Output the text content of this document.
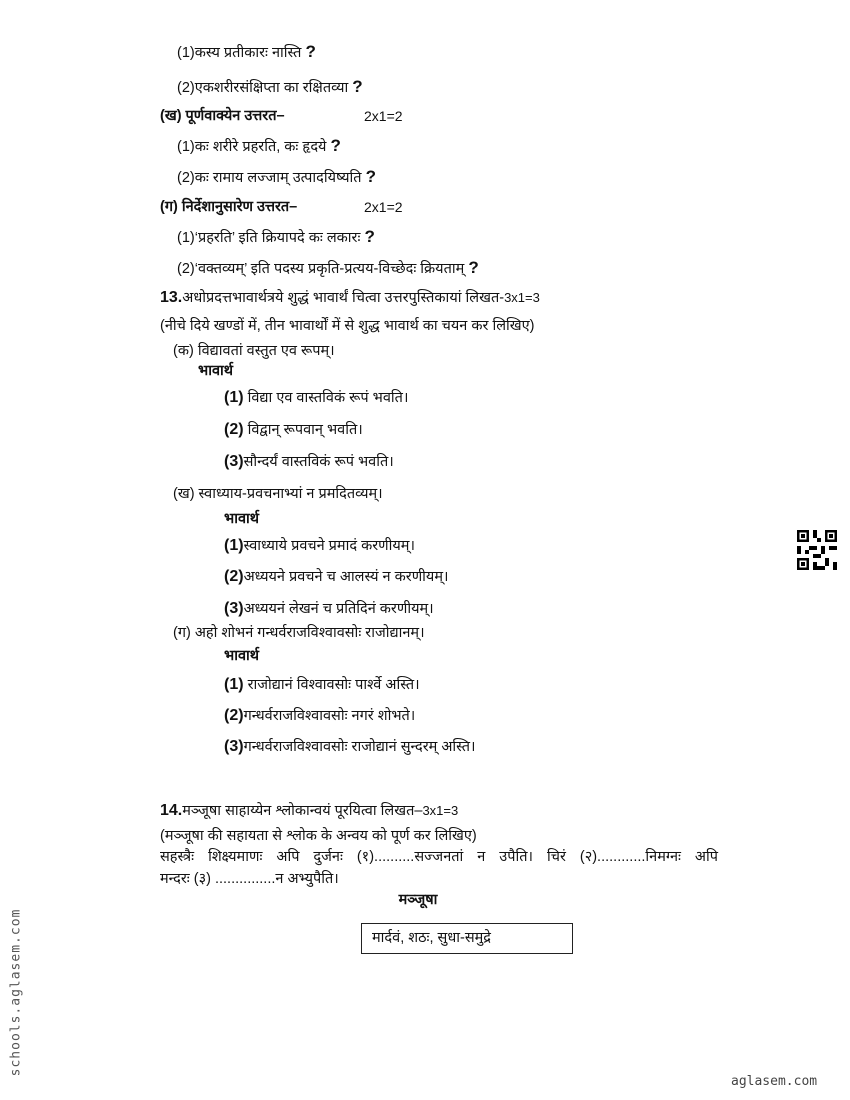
(1)कस्य प्रतीकारः नास्ति ?
(2)एकशरीरसंक्षिप्ता का रक्षितव्या ?
(ख) पूर्णवाक्येन उत्तरत–	2x1=2
(1)कः शरीरे प्रहरति, कः हृदये ?
(2)कः रामाय लज्जाम् उत्पादयिष्यति ?
(ग) निर्देशानुसारेण उत्तरत–	2x1=2
(1)‘प्रहरति’ इति क्रियापदे कः लकारः ?
(2)‘वक्तव्यम्’ इति पदस्य प्रकृति-प्रत्यय-विच्छेदः क्रियताम् ?
13.अधोप्रदत्तभावार्थत्रये शुद्धं भावार्थं चित्वा उत्तरपुस्तिकायां लिखत-3x1=3
(नीचे दिये खण्डों में, तीन भावार्थों में से शुद्ध भावार्थ का चयन कर लिखिए)
(क) विद्यावतां वस्तुत एव रूपम्।
भावार्थ
(1) विद्या एव वास्तविकं रूपं भवति।
(2) विद्वान् रूपवान् भवति।
(3)सौन्दर्यं वास्तविकं रूपं भवति।
(ख) स्वाध्याय-प्रवचनाभ्यां न प्रमदितव्यम्।
भावार्थ
(1)स्वाध्याये प्रवचने प्रमादं करणीयम्।
(2)अध्ययने प्रवचने च आलस्यं न करणीयम्।
(3)अध्ययनं लेखनं च प्रतिदिनं करणीयम्।
(ग) अहो शोभनं गन्धर्वराजविश्वावसोः राजोद्यानम्।
भावार्थ
(1) राजोद्यानं विश्वावसोः पार्श्वे अस्ति।
(2)गन्धर्वराजविश्वावसोः नगरं शोभते।
(3)गन्धर्वराजविश्वावसोः राजोद्यानं सुन्दरम् अस्ति।
14.मञ्जूषा साहाय्येन श्लोकान्वयं पूरयित्वा लिखत–3x1=3
(मञ्जूषा की सहायता से श्लोक के अन्वय को पूर्ण कर लिखिए)
सहस्त्रैः शिक्ष्यमाणः अपि दुर्जनः (१)..........सज्जनतां न उपैति। चिरं (२)............निमग्नः अपि
मन्दरः (३) ...............न अभ्युपैति।
मञ्जूषा
मार्दवं, शठः, सुधा-समुद्रे
schools.aglasem.com
aglasem.com
